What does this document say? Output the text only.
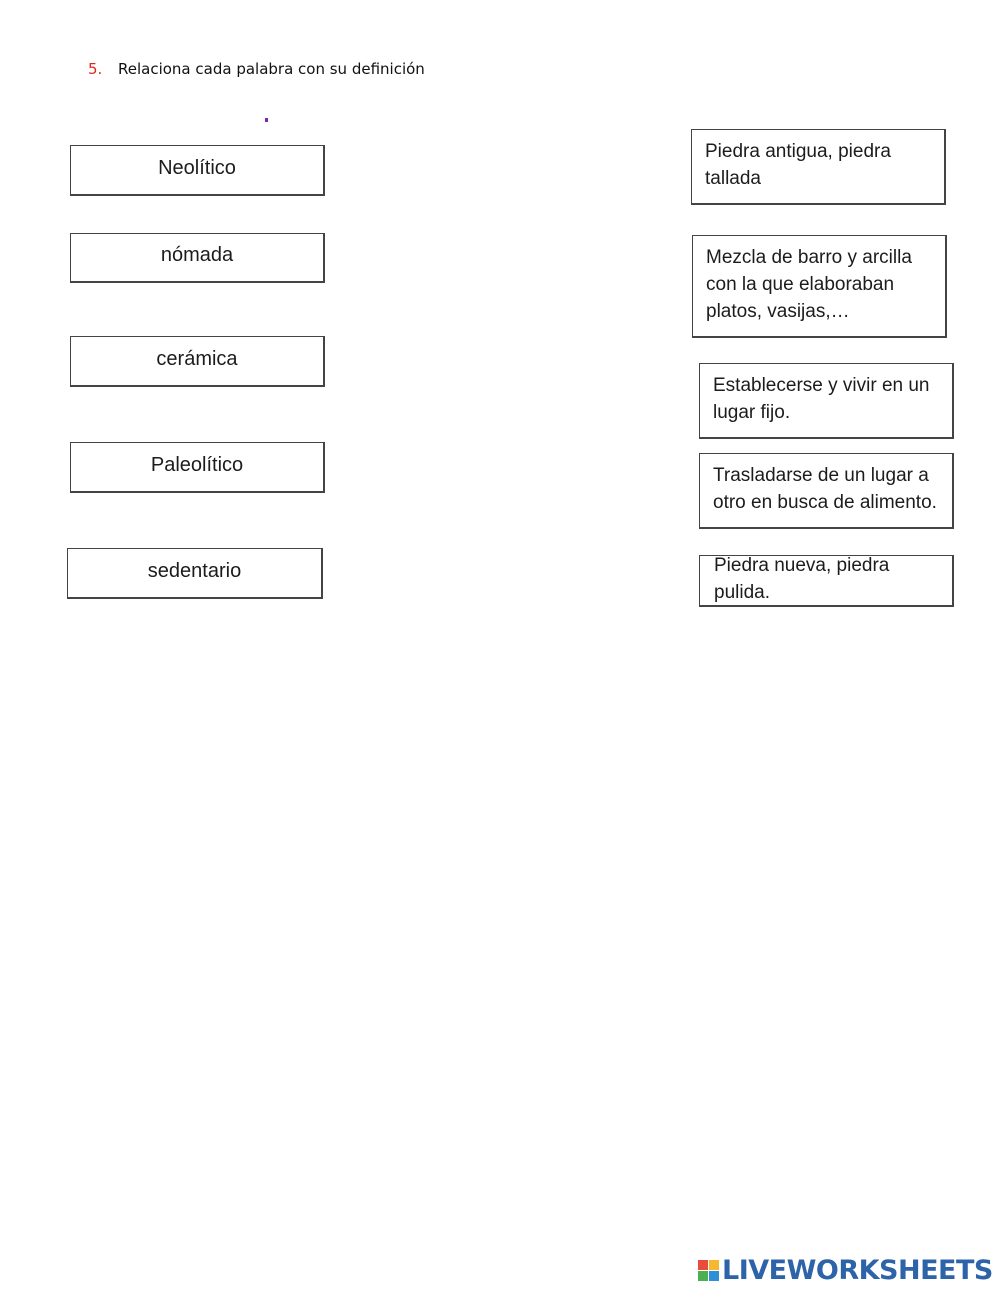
5. Relaciona cada palabra con su definición
Neolítico
nómada
cerámica
Paleolítico
sedentario
Piedra antigua, piedra tallada
Mezcla de barro y arcilla con la que elaboraban platos, vasijas,…
Establecerse y vivir en un lugar fijo.
Trasladarse de un lugar a otro en busca de alimento.
Piedra nueva, piedra pulida.
LIVEWORKSHEETS
